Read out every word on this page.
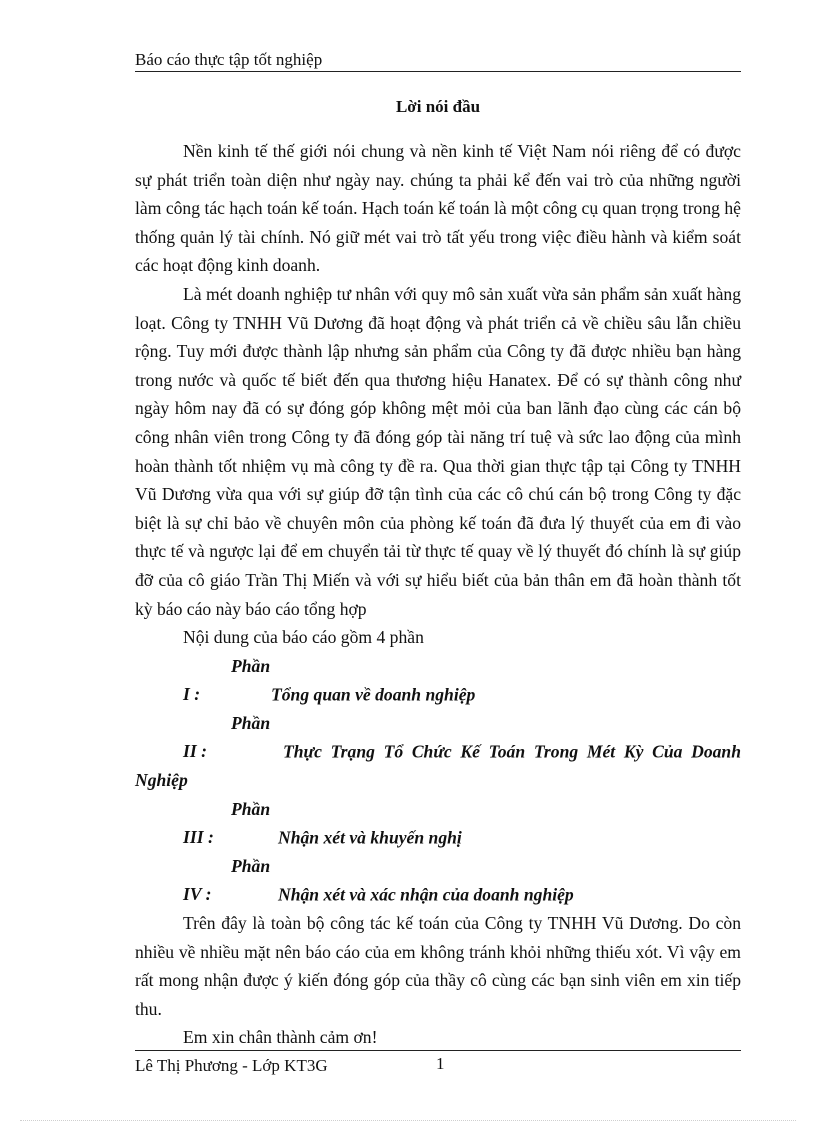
Báo cáo thực tập tốt nghiệp
Lời nói đầu

Nền kinh tế thế giới nói chung và nền kinh tế Việt Nam nói riêng để có được sự phát triển toàn diện như ngày nay. chúng ta phải kể đến vai trò của những người làm công tác hạch toán kế toán. Hạch toán kế toán là một công cụ quan trọng trong hệ thống quản lý tài chính. Nó giữ mét vai trò tất yếu trong việc điều hành và kiểm soát các hoạt động kinh doanh.

Là mét doanh nghiệp tư nhân với quy mô sản xuất vừa sản phẩm sản xuất hàng loạt. Công ty TNHH Vũ Dương đã hoạt động và phát triển cả về chiều sâu lẫn chiều rộng. Tuy mới được thành lập nhưng sản phẩm của Công ty đã được nhiều bạn hàng trong nước và quốc tế biết đến qua thương hiệu Hanatex. Để có sự thành công như ngày hôm nay đã có sự đóng góp không mệt mỏi của ban lãnh đạo cùng các cán bộ công nhân viên trong Công ty đã đóng góp tài năng trí tuệ và sức lao động của mình hoàn thành tốt nhiệm vụ mà công ty đề ra. Qua thời gian thực tập tại Công ty TNHH Vũ Dương vừa qua với sự giúp đỡ tận tình của các cô chú cán bộ trong Công ty đặc biệt là sự chỉ bảo về chuyên môn của phòng kế toán đã đưa lý thuyết của em đi vào thực tế và ngược lại để em chuyển tải từ thực tế quay về lý thuyết đó chính là sự giúp đỡ của cô giáo Trần Thị Miến và với sự hiểu biết của bản thân em đã hoàn thành tốt kỳ báo cáo này báo cáo tổng hợp

Nội dung của báo cáo gồm 4 phần

Phần I :	Tổng quan về doanh nghiệp

Phần II :	Thực Trạng Tổ Chức Kế Toán Trong Mét Kỳ Của Doanh Nghiệp

Phần III :	Nhận xét và khuyến nghị

Phần IV :	Nhận xét và xác nhận của doanh nghiệp

Trên đây là toàn bộ công tác kế toán của Công ty TNHH Vũ Dương. Do còn nhiều về nhiều mặt nên báo cáo của em không tránh khỏi những thiếu xót. Vì vậy em rất mong nhận được ý kiến đóng góp của thầy cô cùng các bạn sinh viên em xin tiếp thu.

Em xin chân thành cảm ơn!

Lê Thị Phương - Lớp KT3G	1
